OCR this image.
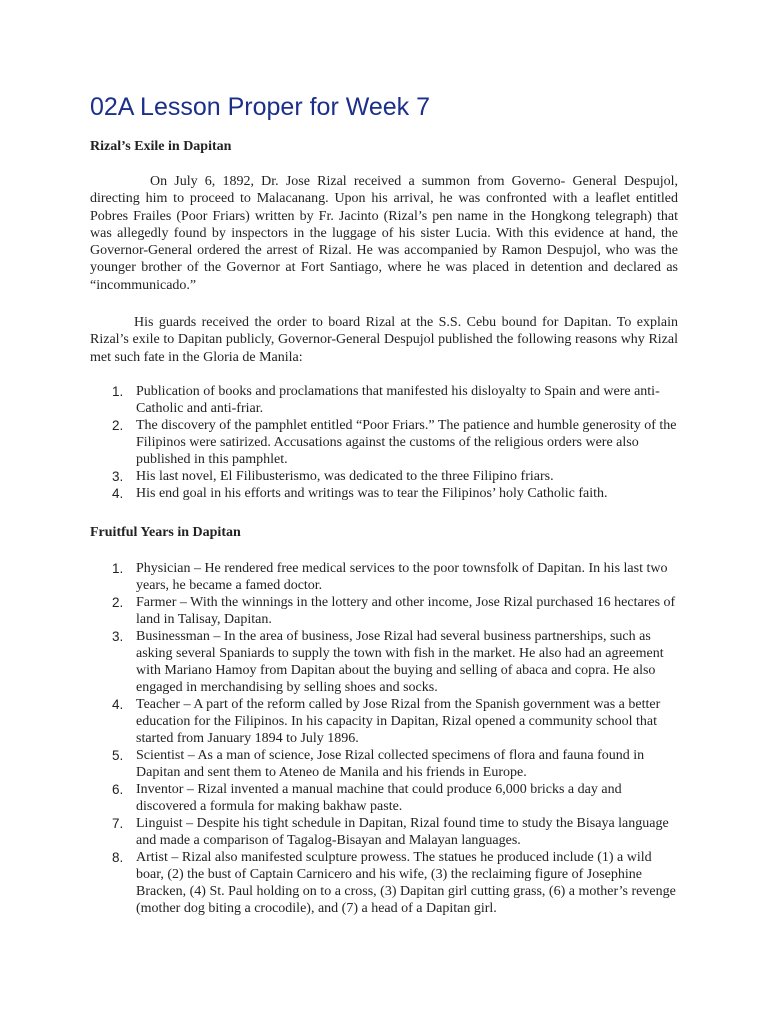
02A Lesson Proper for Week 7
Rizal’s Exile in Dapitan

On July 6, 1892, Dr. Jose Rizal received a summon from Governo- General Despujol, directing him to proceed to Malacanang. Upon his arrival, he was confronted with a leaflet entitled Pobres Frailes (Poor Friars) written by Fr. Jacinto (Rizal’s pen name in the Hongkong telegraph) that was allegedly found by inspectors in the luggage of his sister Lucia. With this evidence at hand, the Governor-General ordered the arrest of Rizal. He was accompanied by Ramon Despujol, who was the younger brother of the Governor at Fort Santiago, where he was placed in detention and declared as “incommunicado.”

His guards received the order to board Rizal at the S.S. Cebu bound for Dapitan. To explain Rizal’s exile to Dapitan publicly, Governor-General Despujol published the following reasons why Rizal met such fate in the Gloria de Manila:

1. Publication of books and proclamations that manifested his disloyalty to Spain and were anti-Catholic and anti-friar.
2. The discovery of the pamphlet entitled “Poor Friars.” The patience and humble generosity of the Filipinos were satirized. Accusations against the customs of the religious orders were also published in this pamphlet.
3. His last novel, El Filibusterismo, was dedicated to the three Filipino friars.
4. His end goal in his efforts and writings was to tear the Filipinos’ holy Catholic faith.
Fruitful Years in Dapitan
1. Physician – He rendered free medical services to the poor townsfolk of Dapitan. In his last two years, he became a famed doctor.
2. Farmer – With the winnings in the lottery and other income, Jose Rizal purchased 16 hectares of land in Talisay, Dapitan.
3. Businessman – In the area of business, Jose Rizal had several business partnerships, such as asking several Spaniards to supply the town with fish in the market. He also had an agreement with Mariano Hamoy from Dapitan about the buying and selling of abaca and copra. He also engaged in merchandising by selling shoes and socks.
4. Teacher – A part of the reform called by Jose Rizal from the Spanish government was a better education for the Filipinos. In his capacity in Dapitan, Rizal opened a community school that started from January 1894 to July 1896.
5. Scientist – As a man of science, Jose Rizal collected specimens of flora and fauna found in Dapitan and sent them to Ateneo de Manila and his friends in Europe.
6. Inventor – Rizal invented a manual machine that could produce 6,000 bricks a day and discovered a formula for making bakhaw paste.
7. Linguist – Despite his tight schedule in Dapitan, Rizal found time to study the Bisaya language and made a comparison of Tagalog-Bisayan and Malayan languages.
8. Artist – Rizal also manifested sculpture prowess. The statues he produced include (1) a wild boar, (2) the bust of Captain Carnicero and his wife, (3) the reclaiming figure of Josephine Bracken, (4) St. Paul holding on to a cross, (3) Dapitan girl cutting grass, (6) a mother’s revenge (mother dog biting a crocodile), and (7) a head of a Dapitan girl.
